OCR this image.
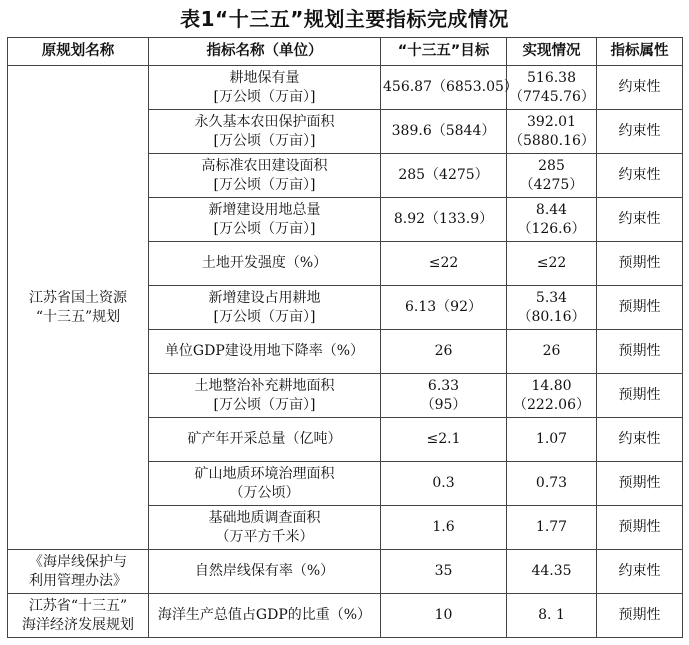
表1“十三五”规划主要指标完成情况
原规划名称	指标名称（单位）	“十三五”目标	实现情况	指标属性

江苏省国土资源
“十三五”规划	耕地保有量
[万公顷（万亩）]	456.87（6853.05）	516.38
（7745.76）	约束性

	永久基本农田保护面积
[万公顷（万亩）]	389.6（5844）	392.01
（5880.16）	约束性

	高标准农田建设面积
[万公顷（万亩）]	285（4275）	285
（4275）	约束性

	新增建设用地总量
[万公顷（万亩）]	8.92（133.9）	8.44
（126.6）	约束性

	土地开发强度（%）	≤22	≤22	预期性

	新增建设占用耕地
[万公顷（万亩）]	6.13（92）	5.34
（80.16）	预期性

	单位GDP建设用地下降率（%）	26	26	预期性

	土地整治补充耕地面积
[万公顷（万亩）]	6.33
（95）	14.80
（222.06）	预期性

	矿产年开采总量（亿吨）	≤2.1	1.07	约束性

	矿山地质环境治理面积
（万公顷）	0.3	0.73	预期性

	基础地质调查面积
（万平方千米）	1.6	1.77	预期性

《海岸线保护与
利用管理办法》	自然岸线保有率（%）	35	44.35	约束性

江苏省“十三五”
海洋经济发展规划	海洋生产总值占GDP的比重（%）	10	8. 1	预期性
